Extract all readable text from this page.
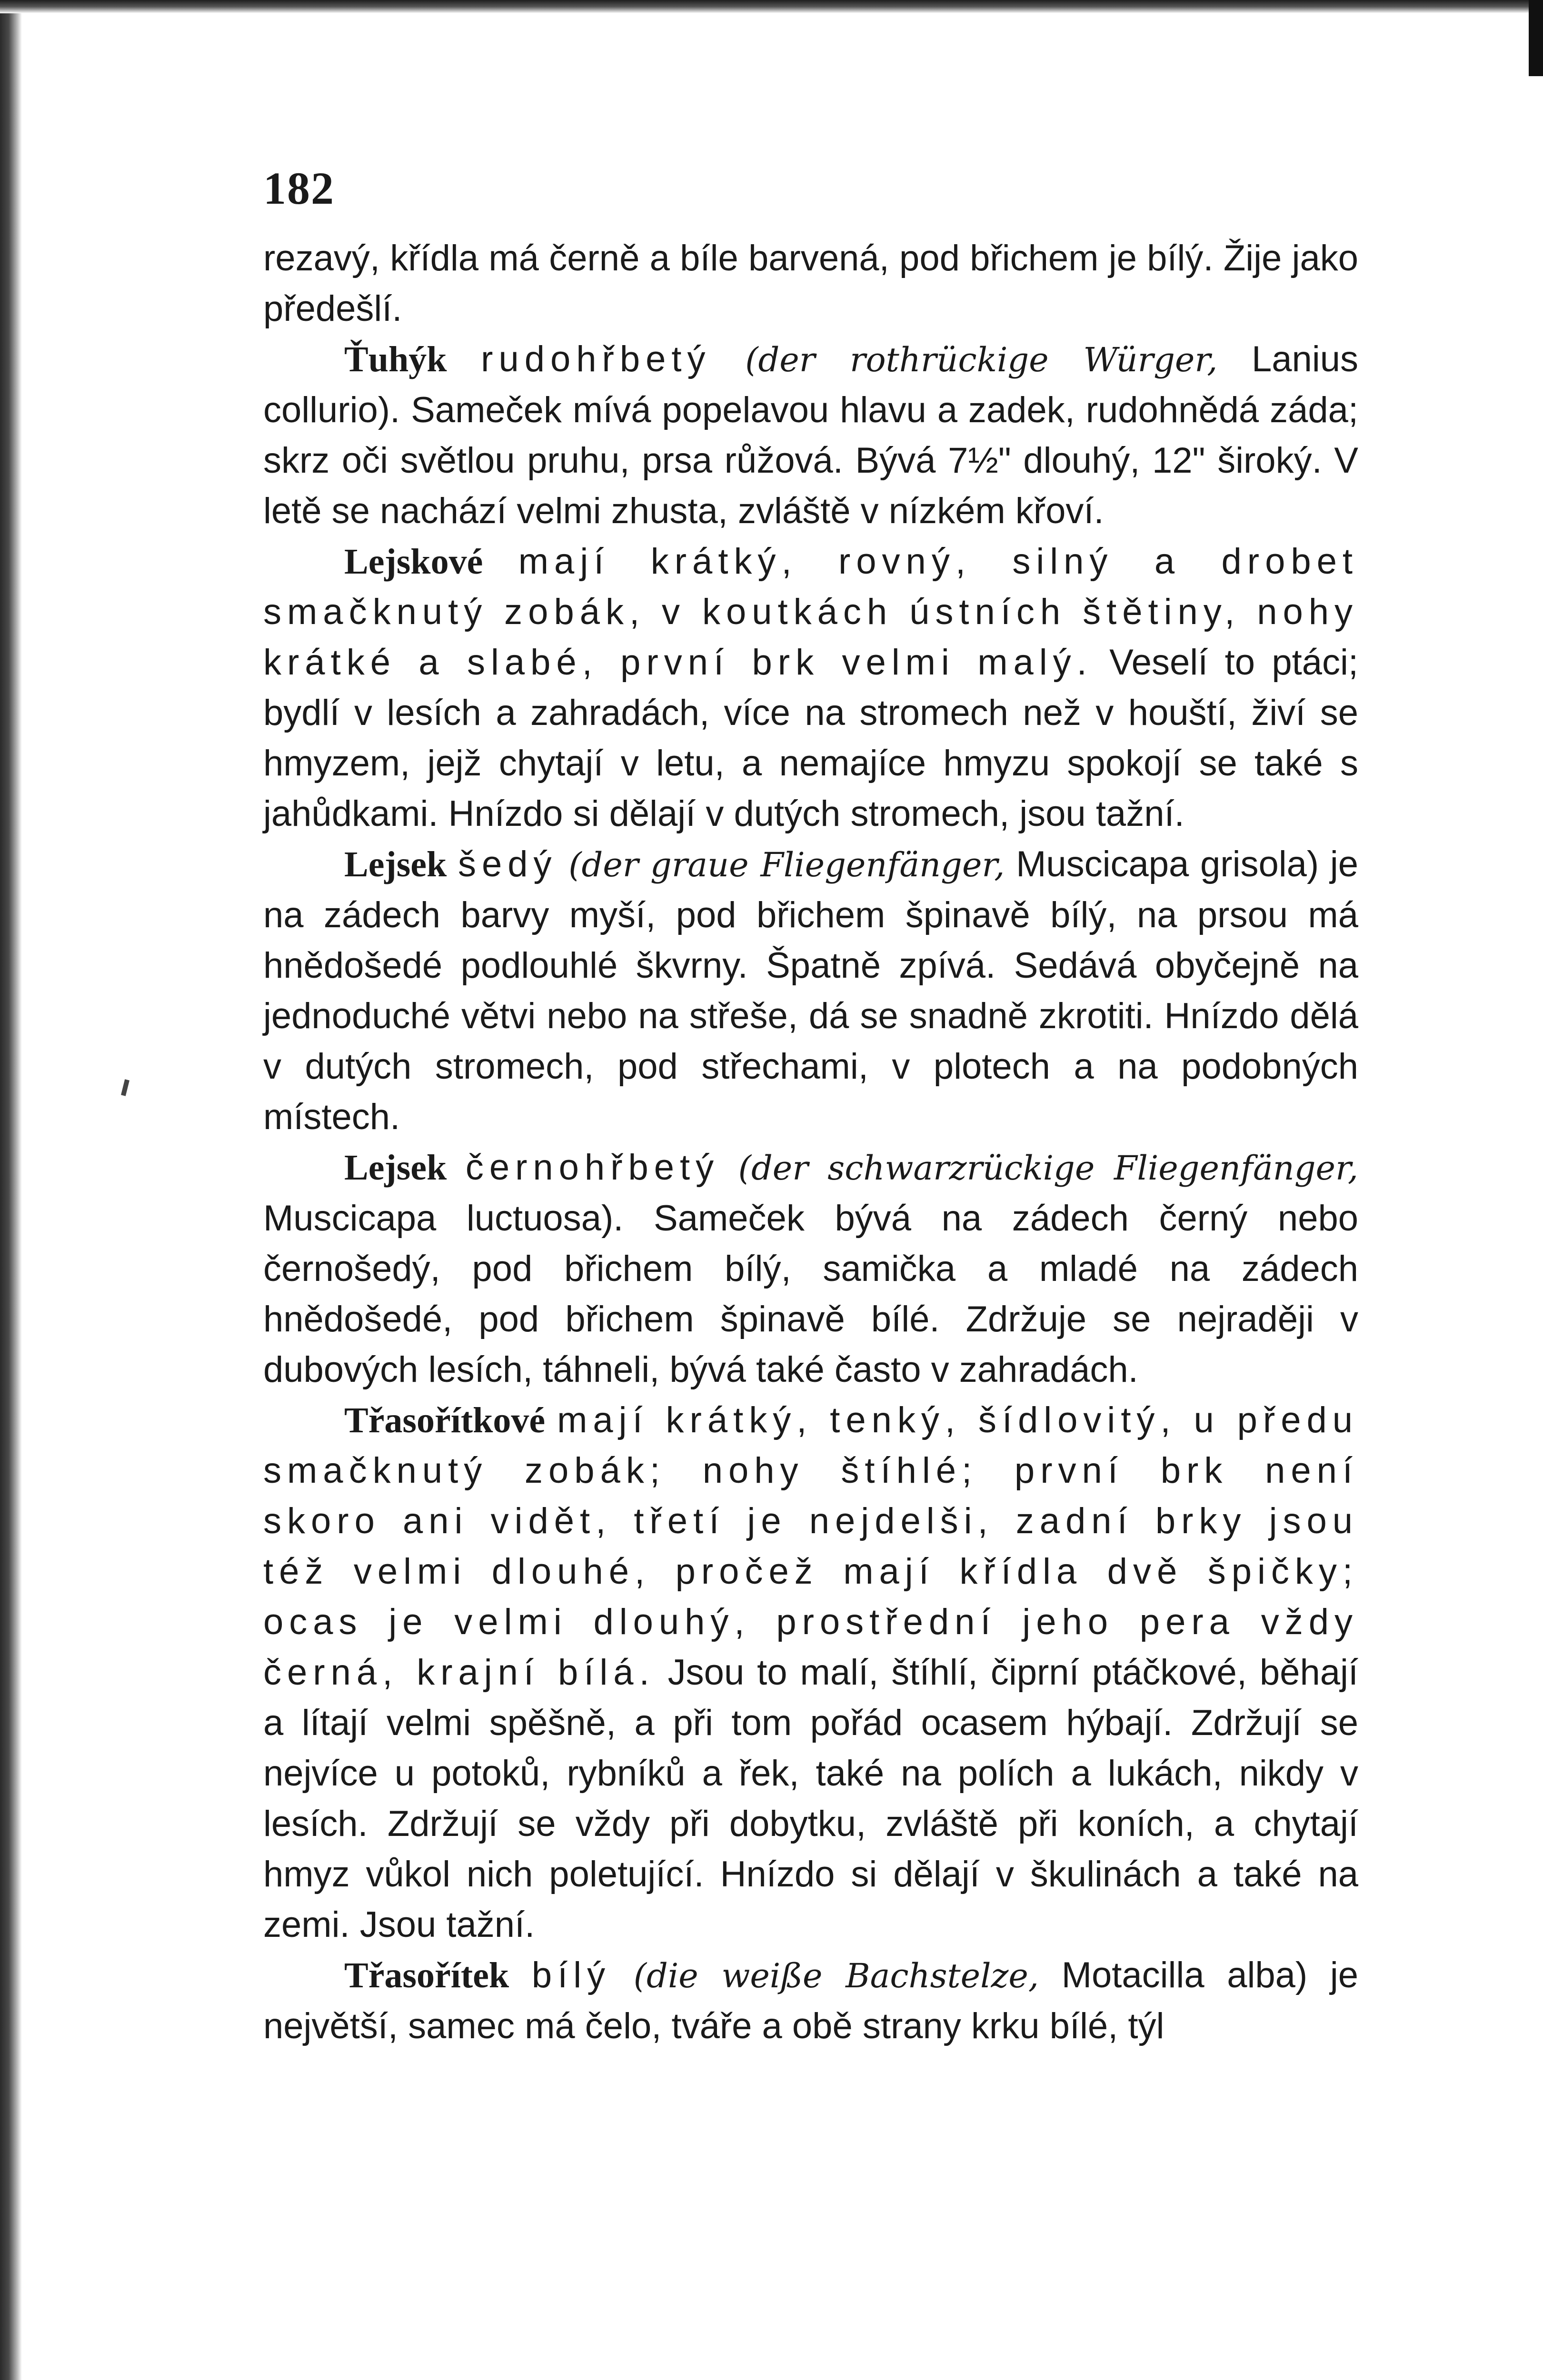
182

rezavý, křídla má černě a bíle barvená, pod břichem je bílý. Žije jako předešlí.

Ťuhýk rudohřbetý (der rothrückige Würger, Lanius collurio). Sameček mívá popelavou hlavu a zadek, rudohnědá záda; skrz oči světlou pruhu, prsa růžová. Bývá 7½" dlouhý, 12" široký. V letě se nachází velmi zhusta, zvláště v nízkém křoví.

Lejskové mají krátký, rovný, silný a drobet smačknutý zobák, v koutkách ústních štětiny, nohy krátké a slabé, první brk velmi malý. Veselí to ptáci; bydlí v lesích a zahradách, více na stromech než v houští, živí se hmyzem, jejž chytají v letu, a nemajíce hmyzu spokojí se také s jahůdkami. Hnízdo si dělají v dutých stromech, jsou tažní.

Lejsek šedý (der graue Fliegenfänger, Muscicapa grisola) je na zádech barvy myší, pod břichem špinavě bílý, na prsou má hnědošedé podlouhlé škvrny. Špatně zpívá. Sedává obyčejně na jednoduché větvi nebo na střeše, dá se snadně zkrotiti. Hnízdo dělá v dutých stromech, pod střechami, v plotech a na podobných místech.

Lejsek černohřbetý (der schwarzrückige Fliegenfänger, Muscicapa luctuosa). Sameček bývá na zádech černý nebo černošedý, pod břichem bílý, samička a mladé na zádech hnědošedé, pod břichem špinavě bílé. Zdržuje se nejraději v dubových lesích, táhneli, bývá také často v zahradách.

Třasořítkové mají krátký, tenký, šídlovitý, u předu smačknutý zobák; nohy štíhlé; první brk není skoro ani vidět, třetí je nejdelši, zadní brky jsou též velmi dlouhé, pročež mají křídla dvě špičky; ocas je velmi dlouhý, prostřední jeho pera vždy černá, krajní bílá. Jsou to malí, štíhlí, čiprní ptáčkové, běhají a lítají velmi spěšně, a při tom pořád ocasem hýbají. Zdržují se nejvíce u potoků, rybníků a řek, také na polích a lukách, nikdy v lesích. Zdržují se vždy při dobytku, zvláště při koních, a chytají hmyz vůkol nich poletující. Hnízdo si dělají v škulinách a také na zemi. Jsou tažní.

Třasořítek bílý (die weiße Bachstelze, Motacilla alba) je největší, samec má čelo, tváře a obě strany krku bílé, týl
